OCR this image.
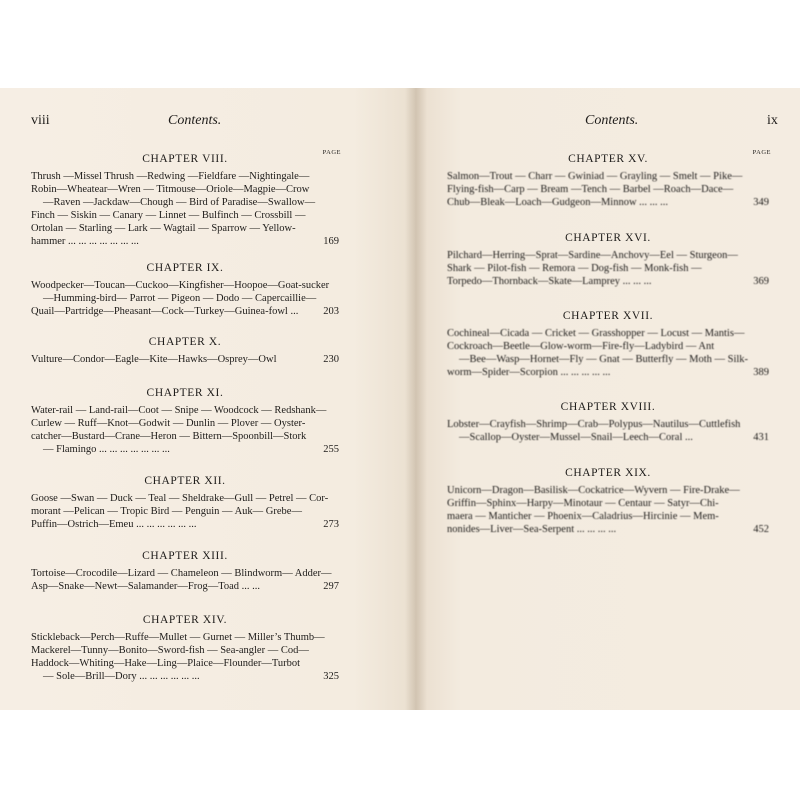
viii	Contents.
CHAPTER VIII.
PAGE
Thrush —Missel Thrush —Redwing —Fieldfare —Nightingale—
Robin—Wheatear—Wren — Titmouse—Oriole—Magpie—Crow
—Raven —Jackdaw—Chough — Bird of Paradise—Swallow—
Finch — Siskin — Canary — Linnet — Bulfinch — Crossbill —
Ortolan — Starling — Lark — Wagtail — Sparrow — Yellow-
hammer ... ... ... ... ... ... ...	169
CHAPTER IX.
Woodpecker—Toucan—Cuckoo—Kingfisher—Hoopoe—Goat-sucker
—Humming-bird— Parrot — Pigeon — Dodo — Capercaillie—
Quail—Partridge—Pheasant—Cock—Turkey—Guinea-fowl ... 203
CHAPTER X.
Vulture—Condor—Eagle—Kite—Hawks—Osprey—Owl	230
CHAPTER XI.
Water-rail — Land-rail—Coot — Snipe — Woodcock — Redshank—
Curlew — Ruff—Knot—Godwit — Dunlin — Plover — Oyster-
catcher—Bustard—Crane—Heron — Bittern—Spoonbill—Stork
— Flamingo ... ... ... ... ... ... ...	255
CHAPTER XII.
Goose —Swan — Duck — Teal — Sheldrake—Gull — Petrel — Cor-
morant —Pelican — Tropic Bird — Penguin — Auk— Grebe—
Puffin—Ostrich—Emeu ... ... ... ... ... ...	273
CHAPTER XIII.
Tortoise—Crocodile—Lizard — Chameleon — Blindworm— Adder—
Asp—Snake—Newt—Salamander—Frog—Toad ... ...	297
CHAPTER XIV.
Stickleback—Perch—Ruffe—Mullet — Gurnet — Miller’s Thumb—
Mackerel—Tunny—Bonito—Sword-fish — Sea-angler — Cod—
Haddock—Whiting—Hake—Ling—Plaice—Flounder—Turbot
— Sole—Brill—Dory ... ... ... ... ... ...	325
Contents.	ix
CHAPTER XV.
PAGE
Salmon—Trout — Charr — Gwiniad — Grayling — Smelt — Pike—
Flying-fish—Carp — Bream —Tench — Barbel —Roach—Dace—
Chub—Bleak—Loach—Gudgeon—Minnow ... ... ...	349
CHAPTER XVI.
Pilchard—Herring—Sprat—Sardine—Anchovy—Eel — Sturgeon—
Shark — Pilot-fish — Remora — Dog-fish — Monk-fish —
Torpedo—Thornback—Skate—Lamprey ... ... ...	369
CHAPTER XVII.
Cochineal—Cicada — Cricket — Grasshopper — Locust — Mantis—
Cockroach—Beetle—Glow-worm—Fire-fly—Ladybird — Ant
—Bee—Wasp—Hornet—Fly — Gnat — Butterfly — Moth — Silk-
worm—Spider—Scorpion ... ... ... ... ...	389
CHAPTER XVIII.
Lobster—Crayfish—Shrimp—Crab—Polypus—Nautilus—Cuttlefish
—Scallop—Oyster—Mussel—Snail—Leech—Coral ...	431
CHAPTER XIX.
Unicorn—Dragon—Basilisk—Cockatrice—Wyvern — Fire-Drake—
Griffin—Sphinx—Harpy—Minotaur — Centaur — Satyr—Chi-
maera — Manticher — Phoenix—Caladrius—Hircinie — Mem-
nonides—Liver—Sea-Serpent ... ... ... ...	452
